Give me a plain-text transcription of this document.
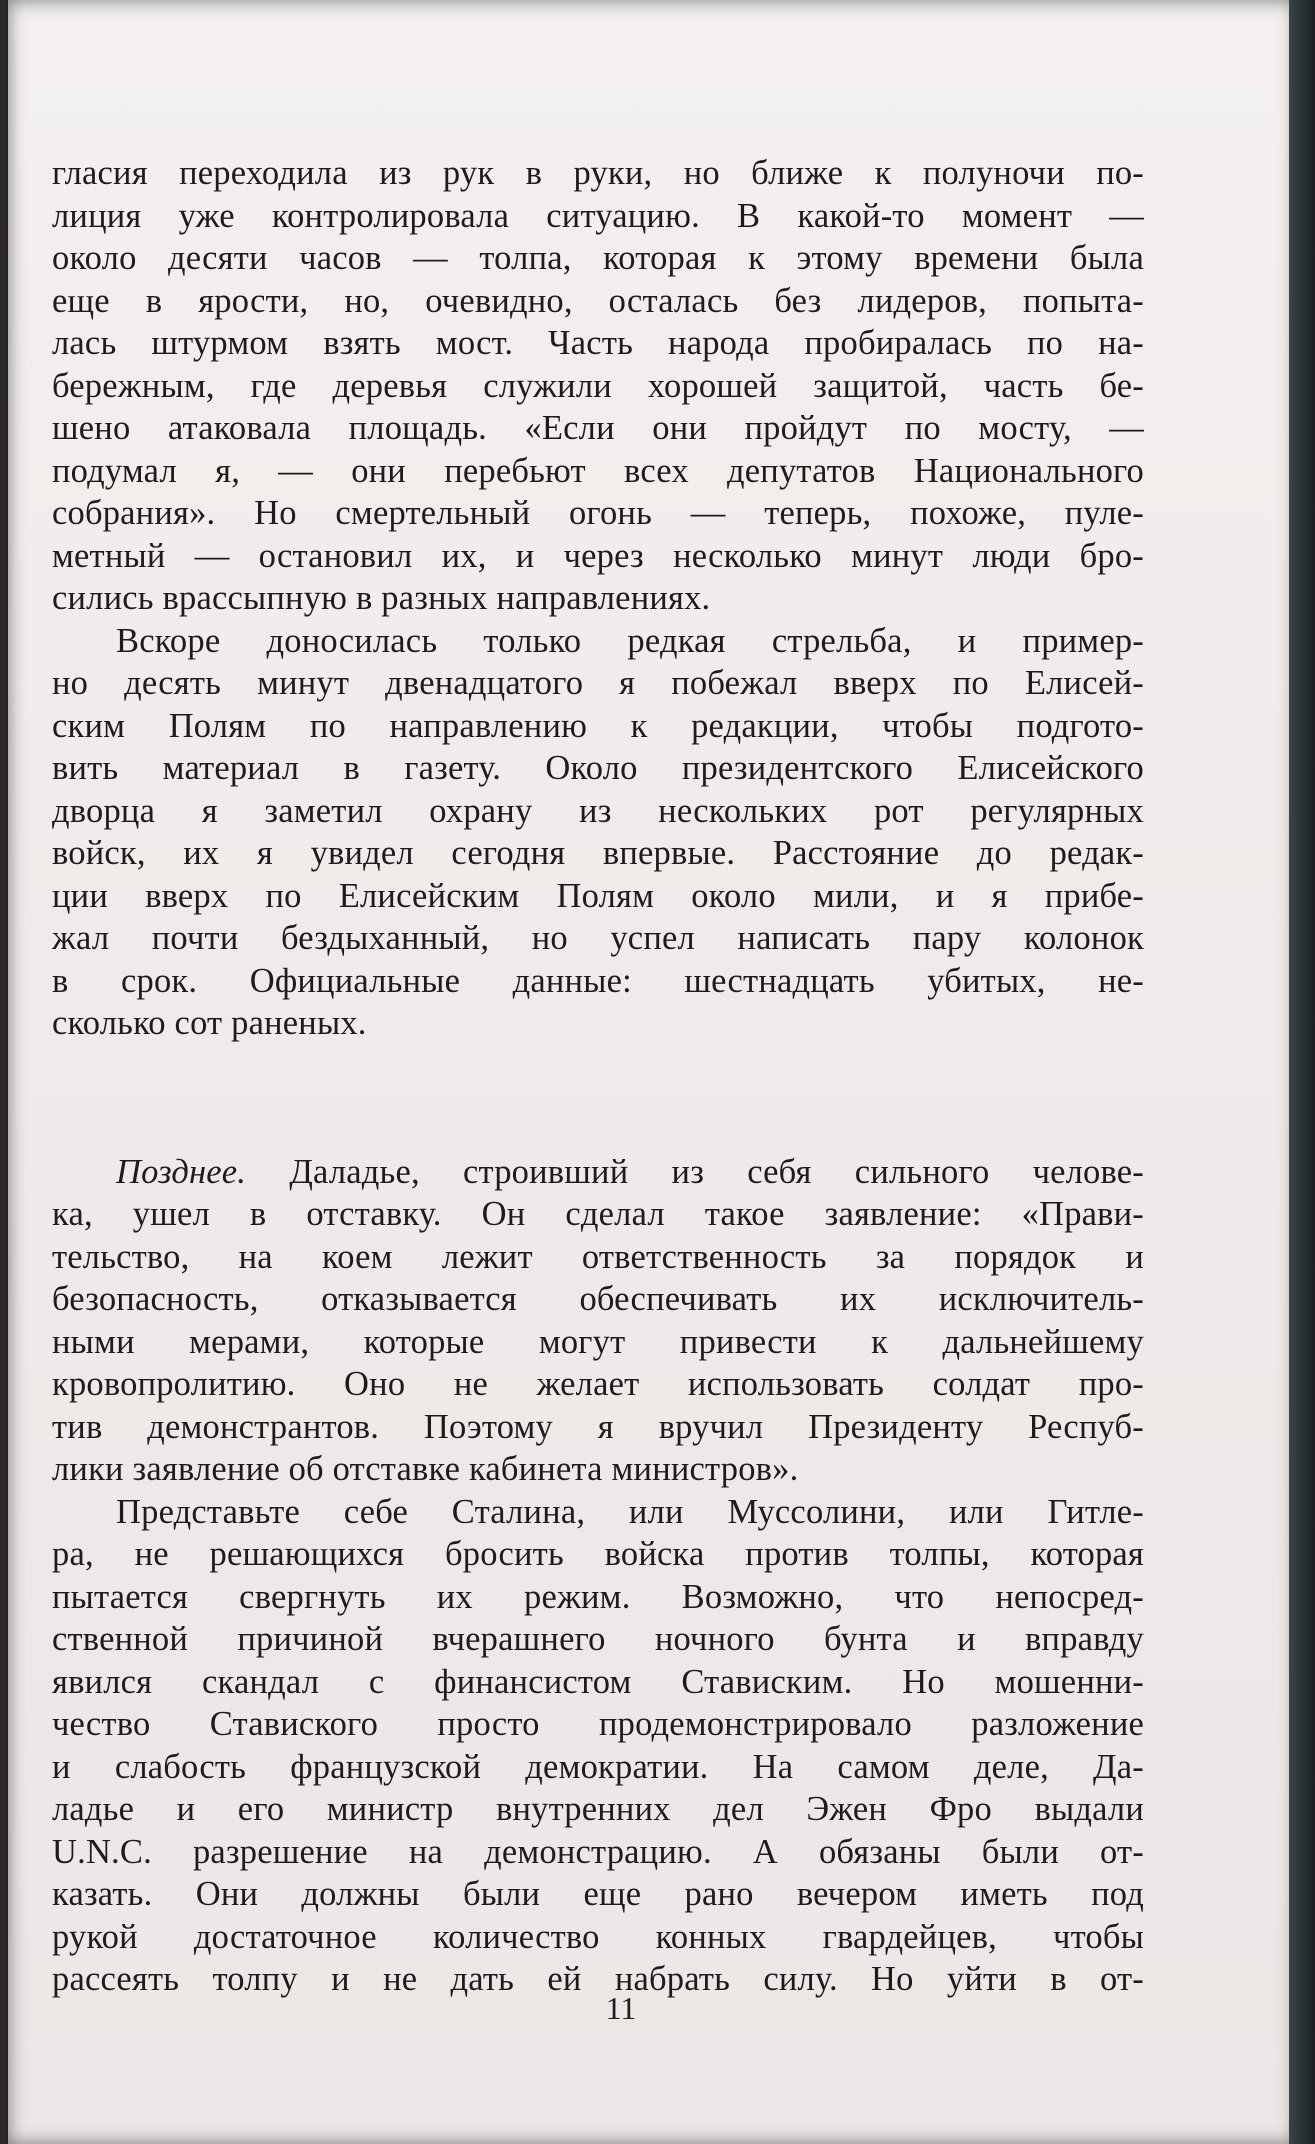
гласия переходила из рук в руки, но ближе к полуночи по-
лиция уже контролировала ситуацию. В какой-то момент —
около десяти часов — толпа, которая к этому времени была
еще в ярости, но, очевидно, осталась без лидеров, попыта-
лась штурмом взять мост. Часть народа пробиралась по на-
бережным, где деревья служили хорошей защитой, часть бе-
шено атаковала площадь. «Если они пройдут по мосту, —
подумал я, — они перебьют всех депутатов Национального
собрания». Но смертельный огонь — теперь, похоже, пуле-
метный — остановил их, и через несколько минут люди бро-
сились врассыпную в разных направлениях.
Вскоре доносилась только редкая стрельба, и пример-
но десять минут двенадцатого я побежал вверх по Елисей-
ским Полям по направлению к редакции, чтобы подгото-
вить материал в газету. Около президентского Елисейского
дворца я заметил охрану из нескольких рот регулярных
войск, их я увидел сегодня впервые. Расстояние до редак-
ции вверх по Елисейским Полям около мили, и я прибе-
жал почти бездыханный, но успел написать пару колонок
в срок. Официальные данные: шестнадцать убитых, не-
сколько сот раненых.
Позднее. Даладье, строивший из себя сильного челове-
ка, ушел в отставку. Он сделал такое заявление: «Прави-
тельство, на коем лежит ответственность за порядок и
безопасность, отказывается обеспечивать их исключитель-
ными мерами, которые могут привести к дальнейшему
кровопролитию. Оно не желает использовать солдат про-
тив демонстрантов. Поэтому я вручил Президенту Респуб-
лики заявление об отставке кабинета министров».
Представьте себе Сталина, или Муссолини, или Гитле-
ра, не решающихся бросить войска против толпы, которая
пытается свергнуть их режим. Возможно, что непосред-
ственной причиной вчерашнего ночного бунта и вправду
явился скандал с финансистом Стависким. Но мошенни-
чество Ставиского просто продемонстрировало разложение
и слабость французской демократии. На самом деле, Да-
ладье и его министр внутренних дел Эжен Фро выдали
U.N.C. разрешение на демонстрацию. А обязаны были от-
казать. Они должны были еще рано вечером иметь под
рукой достаточное количество конных гвардейцев, чтобы
рассеять толпу и не дать ей набрать силу. Но уйти в от-
11
